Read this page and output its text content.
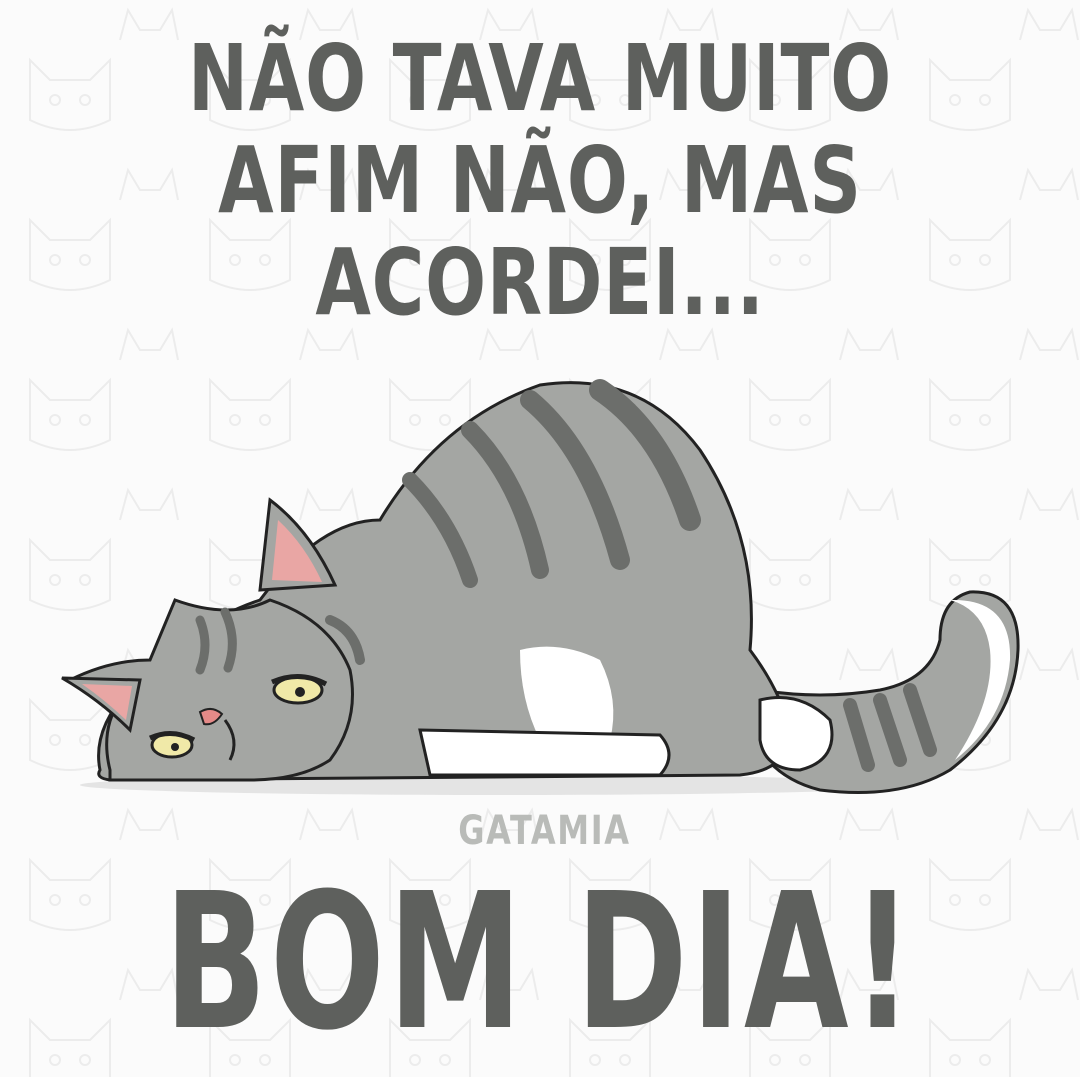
NÃO TAVA MUITO
AFIM NÃO, MAS
ACORDEI...
GATAMIA
BOM DIA!
